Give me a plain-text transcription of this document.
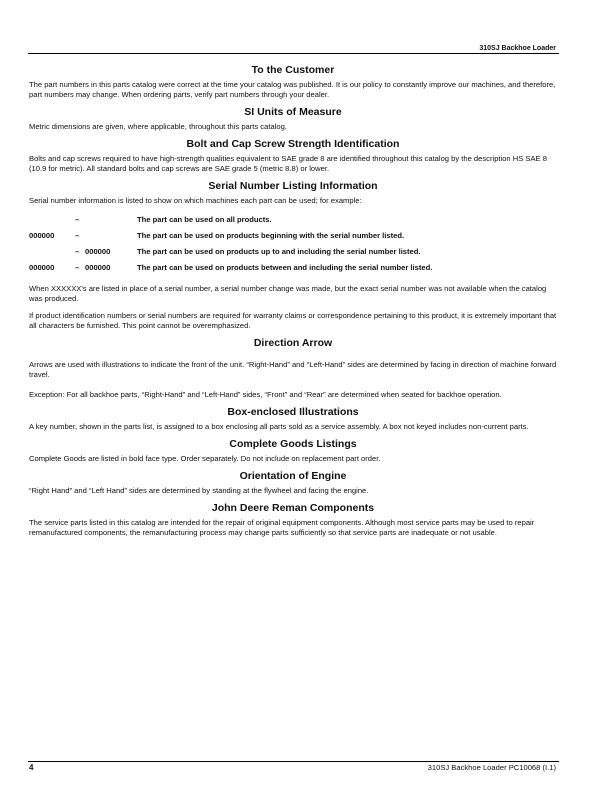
310SJ Backhoe Loader
To the Customer

The part numbers in this parts catalog were correct at the time your catalog was published. It is our policy to constantly improve our machines, and therefore, part numbers may change. When ordering parts, verify part numbers through your dealer.

SI Units of Measure

Metric dimensions are given, where applicable, throughout this parts catalog.

Bolt and Cap Screw Strength Identification

Bolts and cap screws required to have high-strength qualities equivalent to SAE grade 8 are identified throughout this catalog by the description HS SAE 8 (10.9 for metric). All standard bolts and cap screws are SAE grade 5 (metric 8.8) or lower.

Serial Number Listing Information

Serial number information is listed to show on which machines each part can be used; for example:

	–		The part can be used on all products.
000000	–		The part can be used on products beginning with the serial number listed.
	–	000000	The part can be used on products up to and including the serial number listed.
000000	–	000000	The part can be used on products between and including the serial number listed.

When XXXXXX's are listed in place of a serial number, a serial number change was made, but the exact serial number was not available when the catalog was produced.

If product identification numbers or serial numbers are required for warranty claims or correspondence pertaining to this product, it is extremely important that all characters be furnished. This point cannot be overemphasized.

Direction Arrow

Arrows are used with illustrations to indicate the front of the unit. “Right-Hand” and “Left-Hand” sides are determined by facing in direction of machine forward travel.

Exception: For all backhoe parts, “Right-Hand” and “Left-Hand” sides, “Front” and “Rear” are determined when seated for backhoe operation.

Box-enclosed Illustrations

A key number, shown in the parts list, is assigned to a box enclosing all parts sold as a service assembly. A box not keyed includes non-current parts.

Complete Goods Listings

Complete Goods are listed in bold face type. Order separately. Do not include on replacement part order.

Orientation of Engine

“Right Hand” and “Left Hand” sides are determined by standing at the flywheel and facing the engine.

John Deere Reman Components

The service parts listed in this catalog are intended for the repair of original equipment components. Although most service parts may be used to repair remanufactured components, the remanufacturing process may change parts sufficiently so that service parts are inadequate or not usable.

4	310SJ Backhoe Loader PC10068 (I.1)
